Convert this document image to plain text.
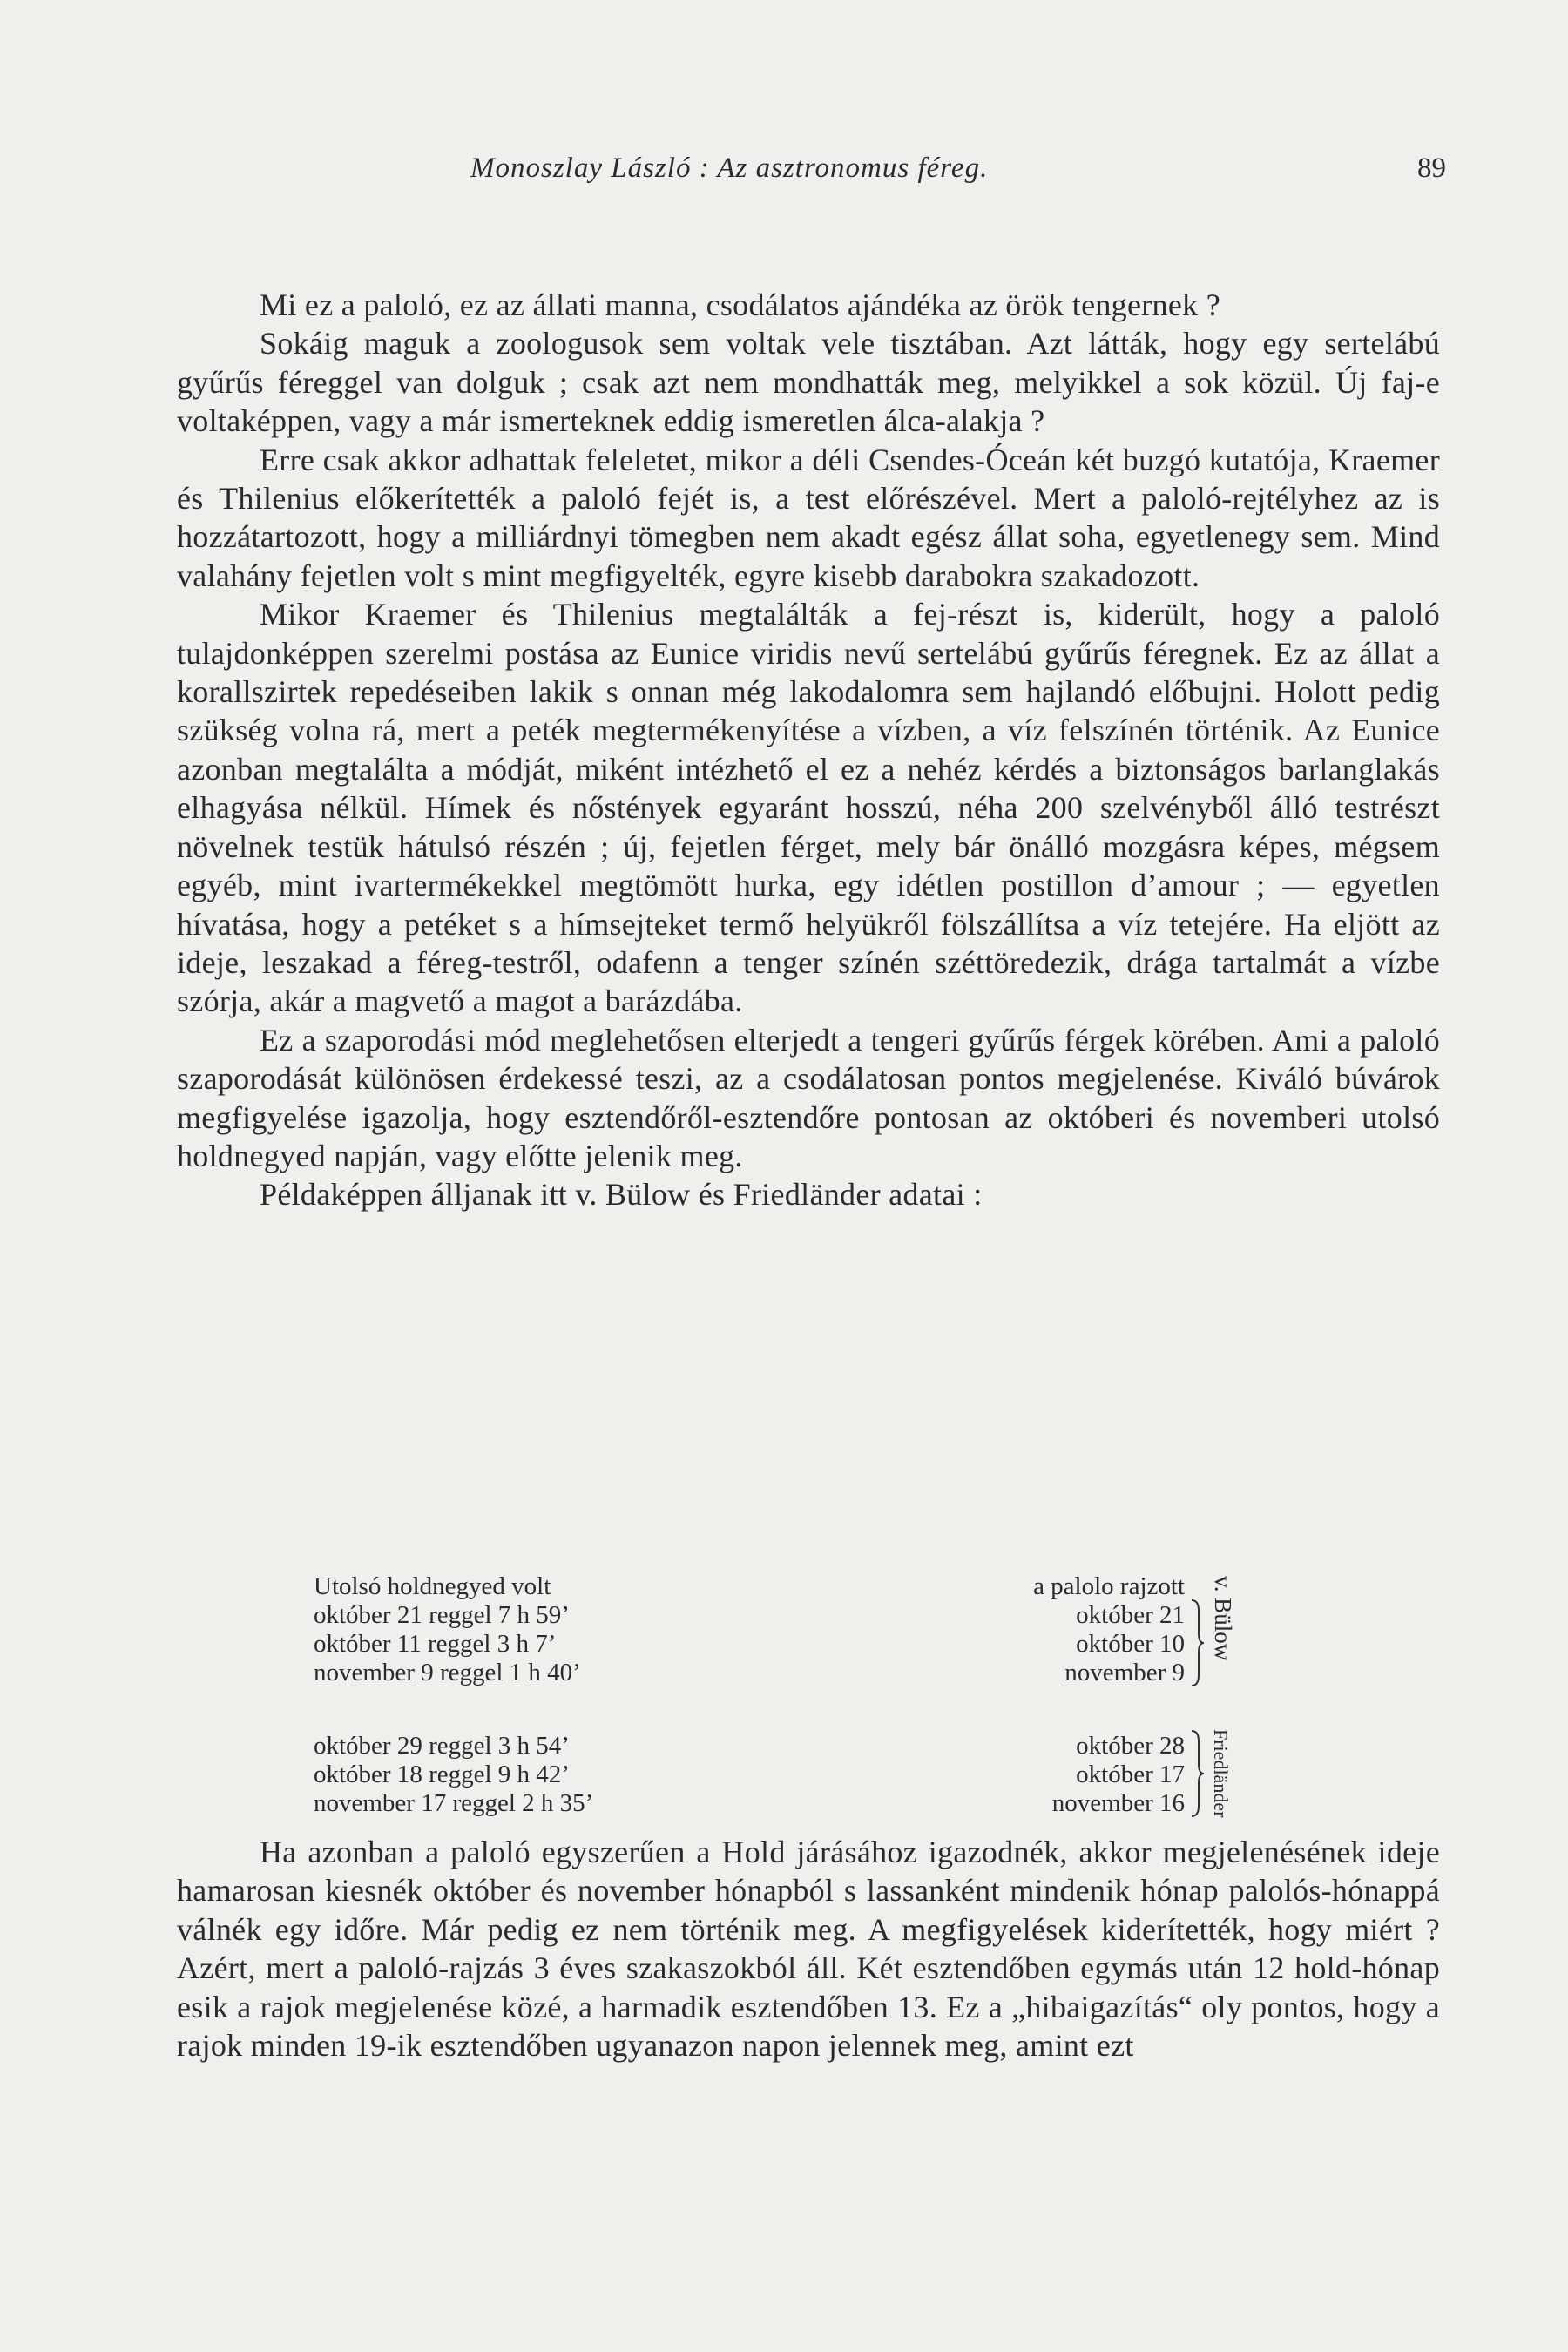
Monoszlay László : Az asztronomus féreg.	89

Mi ez a paloló, ez az állati manna, csodálatos ajándéka az örök tengernek ?

Sokáig maguk a zoologusok sem voltak vele tisztában. Azt látták, hogy egy sertelábú gyűrűs féreggel van dolguk ; csak azt nem mondhatták meg, melyikkel a sok közül. Új faj-e voltaképpen, vagy a már ismerteknek eddig ismeretlen álca-alakja ?

Erre csak akkor adhattak feleletet, mikor a déli Csendes-Óceán két buzgó kutatója, Kraemer és Thilenius előkerítették a paloló fejét is, a test előrészével. Mert a paloló-rejtélyhez az is hozzátartozott, hogy a milliárdnyi tömegben nem akadt egész állat soha, egyetlenegy sem. Mind valahány fejetlen volt s mint megfigyelték, egyre kisebb darabokra szakadozott.

Mikor Kraemer és Thilenius megtalálták a fej-részt is, kiderült, hogy a paloló tulajdonképpen szerelmi postása az Eunice viridis nevű sertelábú gyűrűs féregnek. Ez az állat a korallszirtek repedéseiben lakik s onnan még lakodalomra sem hajlandó előbujni. Holott pedig szükség volna rá, mert a peték megtermékenyítése a vízben, a víz felszínén történik. Az Eunice azonban megtalálta a módját, miként intézhető el ez a nehéz kérdés a biztonságos barlanglakás elhagyása nélkül. Hímek és nőstények egyaránt hosszú, néha 200 szelvényből álló testrészt növelnek testük hátulsó részén ; új, fejetlen férget, mely bár önálló mozgásra képes, mégsem egyéb, mint ivartermékekkel megtömött hurka, egy idétlen postillon d’amour ; — egyetlen hívatása, hogy a petéket s a hímsejteket termő helyükről fölszállítsa a víz tetejére. Ha eljött az ideje, leszakad a féreg-testről, odafenn a tenger színén széttöredezik, drága tartalmát a vízbe szórja, akár a magvető a magot a barázdába.

Ez a szaporodási mód meglehetősen elterjedt a tengeri gyűrűs férgek körében. Ami a paloló szaporodását különösen érdekessé teszi, az a csodálatosan pontos megjelenése. Kiváló búvárok megfigyelése igazolja, hogy esztendőről-esztendőre pontosan az októberi és novemberi utolsó holdnegyed napján, vagy előtte jelenik meg.

Példaképpen álljanak itt v. Bülow és Friedländer adatai :

Utolsó holdnegyed volt	a palolo rajzott
október 21 reggel 7 h 59’	október 21
október 11 reggel 3 h 7’	október 10
november 9 reggel 1 h 40’	november 9
v. Bülow
október 29 reggel 3 h 54’	október 28
október 18 reggel 9 h 42’	október 17
november 17 reggel 2 h 35’	november 16 Friedländer

Ha azonban a paloló egyszerűen a Hold járásához igazodnék, akkor megjelenésének ideje hamarosan kiesnék október és november hónapból s lassanként mindenik hónap palolós-hónappá válnék egy időre. Már pedig ez nem történik meg. A megfigyelések kiderítették, hogy miért ? Azért, mert a paloló-rajzás 3 éves szakaszokból áll. Két esztendőben egymás után 12 hold-hónap esik a rajok megjelenése közé, a harmadik esztendőben 13. Ez a „hibaigazítás“ oly pontos, hogy a rajok minden 19-ik esztendőben ugyanazon napon jelennek meg, amint ezt
